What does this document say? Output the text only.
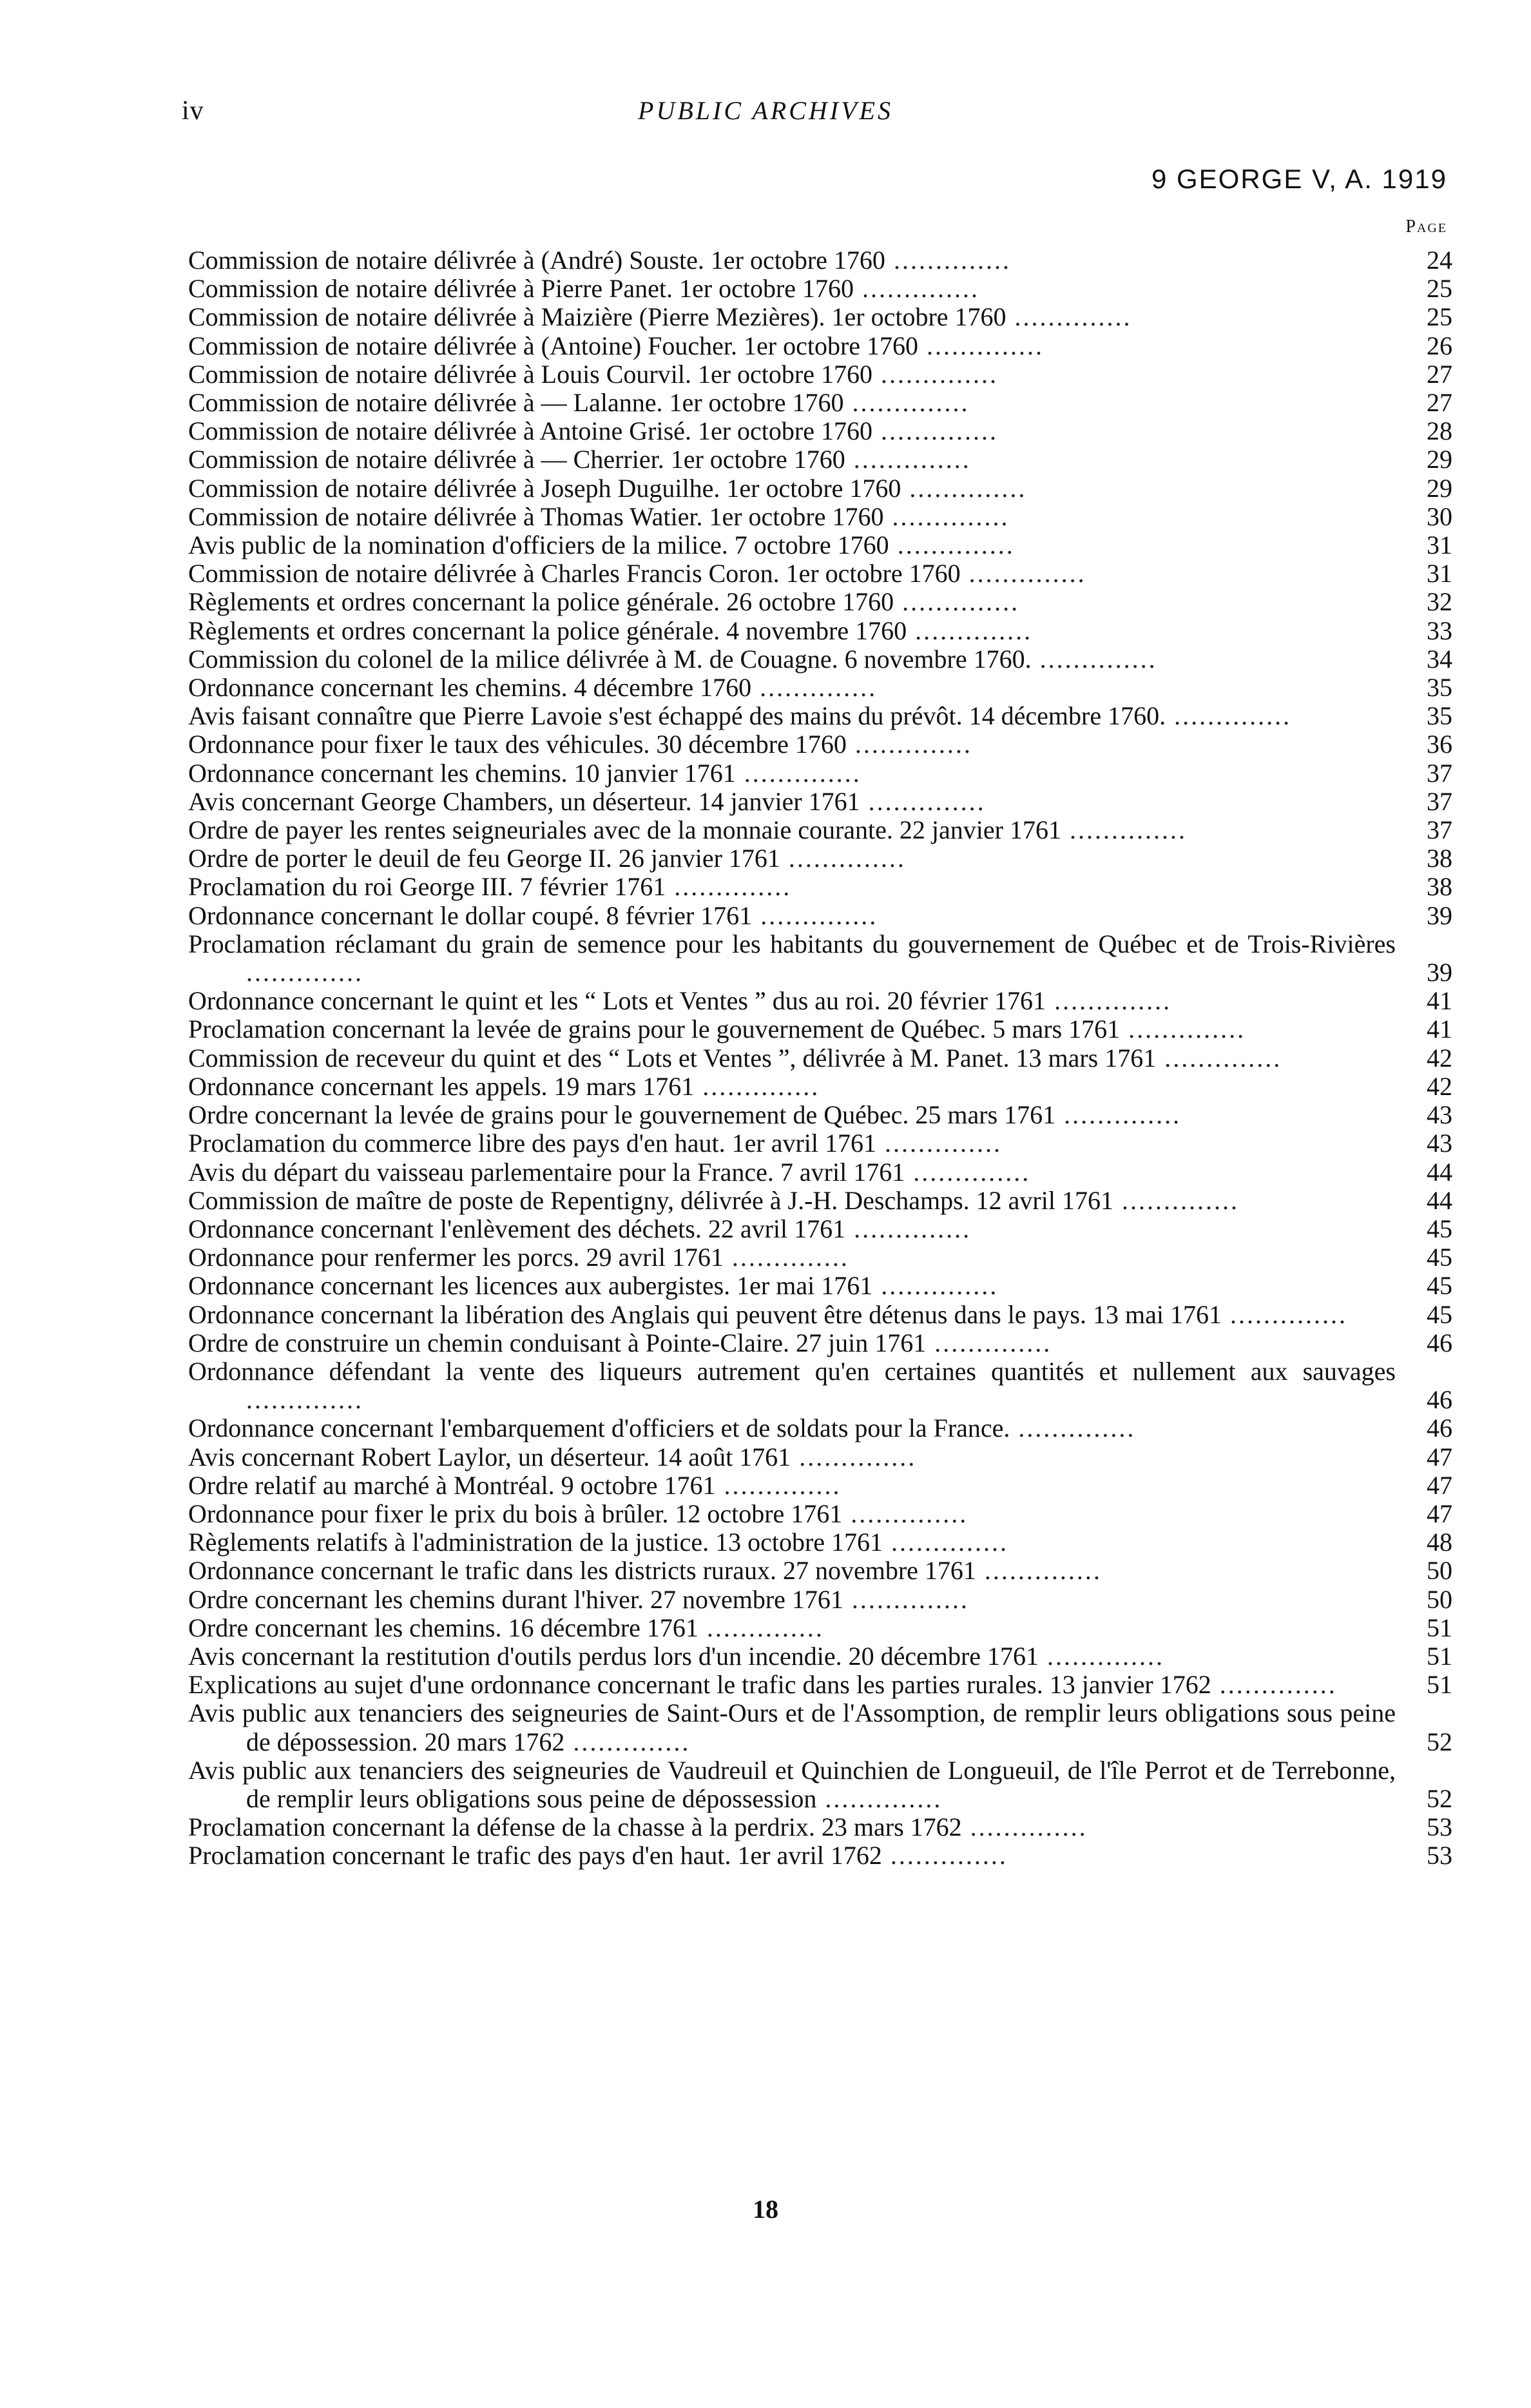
iv	PUBLIC ARCHIVES
9 GEORGE V, A. 1919
Page
Commission de notaire délivrée à (André) Souste. 1er octobre 1760 ..............	24
Commission de notaire délivrée à Pierre Panet. 1er octobre 1760 ..............	25
Commission de notaire délivrée à Maizière (Pierre Mezières). 1er octobre 1760 ..............	25
Commission de notaire délivrée à (Antoine) Foucher. 1er octobre 1760 ..............	26
Commission de notaire délivrée à Louis Courvil. 1er octobre 1760 ..............	27
Commission de notaire délivrée à — Lalanne. 1er octobre 1760 ..............	27
Commission de notaire délivrée à Antoine Grisé. 1er octobre 1760 ..............	28
Commission de notaire délivrée à — Cherrier. 1er octobre 1760 ..............	29
Commission de notaire délivrée à Joseph Duguilhe. 1er octobre 1760 ..............	29
Commission de notaire délivrée à Thomas Watier. 1er octobre 1760 ..............	30
Avis public de la nomination d'officiers de la milice. 7 octobre 1760 ..............	31
Commission de notaire délivrée à Charles Francis Coron. 1er octobre 1760 ..............	31
Règlements et ordres concernant la police générale. 26 octobre 1760 ..............	32
Règlements et ordres concernant la police générale. 4 novembre 1760 ..............	33
Commission du colonel de la milice délivrée à M. de Couagne. 6 novembre 1760. ..............	34
Ordonnance concernant les chemins. 4 décembre 1760 ..............	35
Avis faisant connaître que Pierre Lavoie s'est échappé des mains du prévôt. 14 décembre 1760. ..............	35
Ordonnance pour fixer le taux des véhicules. 30 décembre 1760 ..............	36
Ordonnance concernant les chemins. 10 janvier 1761 ..............	37
Avis concernant George Chambers, un déserteur. 14 janvier 1761 ..............	37
Ordre de payer les rentes seigneuriales avec de la monnaie courante. 22 janvier 1761 ..............	37
Ordre de porter le deuil de feu George II. 26 janvier 1761 ..............	38
Proclamation du roi George III. 7 février 1761 ..............	38
Ordonnance concernant le dollar coupé. 8 février 1761 ..............	39
Proclamation réclamant du grain de semence pour les habitants du gouvernement de Québec et de Trois-Rivières ..............	39
Ordonnance concernant le quint et les “ Lots et Ventes ” dus au roi. 20 février 1761 ..............	41
Proclamation concernant la levée de grains pour le gouvernement de Québec. 5 mars 1761 ..............	41
Commission de receveur du quint et des “ Lots et Ventes ”, délivrée à M. Panet. 13 mars 1761 ..............	42
Ordonnance concernant les appels. 19 mars 1761 ..............	42
Ordre concernant la levée de grains pour le gouvernement de Québec. 25 mars 1761 ..............	43
Proclamation du commerce libre des pays d'en haut. 1er avril 1761 ..............	43
Avis du départ du vaisseau parlementaire pour la France. 7 avril 1761 ..............	44
Commission de maître de poste de Repentigny, délivrée à J.-H. Deschamps. 12 avril 1761 ..............	44
Ordonnance concernant l'enlèvement des déchets. 22 avril 1761 ..............	45
Ordonnance pour renfermer les porcs. 29 avril 1761 ..............	45
Ordonnance concernant les licences aux aubergistes. 1er mai 1761 ..............	45
Ordonnance concernant la libération des Anglais qui peuvent être détenus dans le pays. 13 mai 1761 ..............	45
Ordre de construire un chemin conduisant à Pointe-Claire. 27 juin 1761 ..............	46
Ordonnance défendant la vente des liqueurs autrement qu'en certaines quantités et nullement aux sauvages ..............	46
Ordonnance concernant l'embarquement d'officiers et de soldats pour la France. ..............	46
Avis concernant Robert Laylor, un déserteur. 14 août 1761 ..............	47
Ordre relatif au marché à Montréal. 9 octobre 1761 ..............	47
Ordonnance pour fixer le prix du bois à brûler. 12 octobre 1761 ..............	47
Règlements relatifs à l'administration de la justice. 13 octobre 1761 ..............	48
Ordonnance concernant le trafic dans les districts ruraux. 27 novembre 1761 ..............	50
Ordre concernant les chemins durant l'hiver. 27 novembre 1761 ..............	50
Ordre concernant les chemins. 16 décembre 1761 ..............	51
Avis concernant la restitution d'outils perdus lors d'un incendie. 20 décembre 1761 ..............	51
Explications au sujet d'une ordonnance concernant le trafic dans les parties rurales. 13 janvier 1762 ..............	51
Avis public aux tenanciers des seigneuries de Saint-Ours et de l'Assomption, de remplir leurs obligations sous peine de dépossession. 20 mars 1762 ..............	52
Avis public aux tenanciers des seigneuries de Vaudreuil et Quinchien de Longueuil, de l'île Perrot et de Terrebonne, de remplir leurs obligations sous peine de dépossession ..............	52
Proclamation concernant la défense de la chasse à la perdrix. 23 mars 1762 ..............	53
Proclamation concernant le trafic des pays d'en haut. 1er avril 1762 ..............	53
18
